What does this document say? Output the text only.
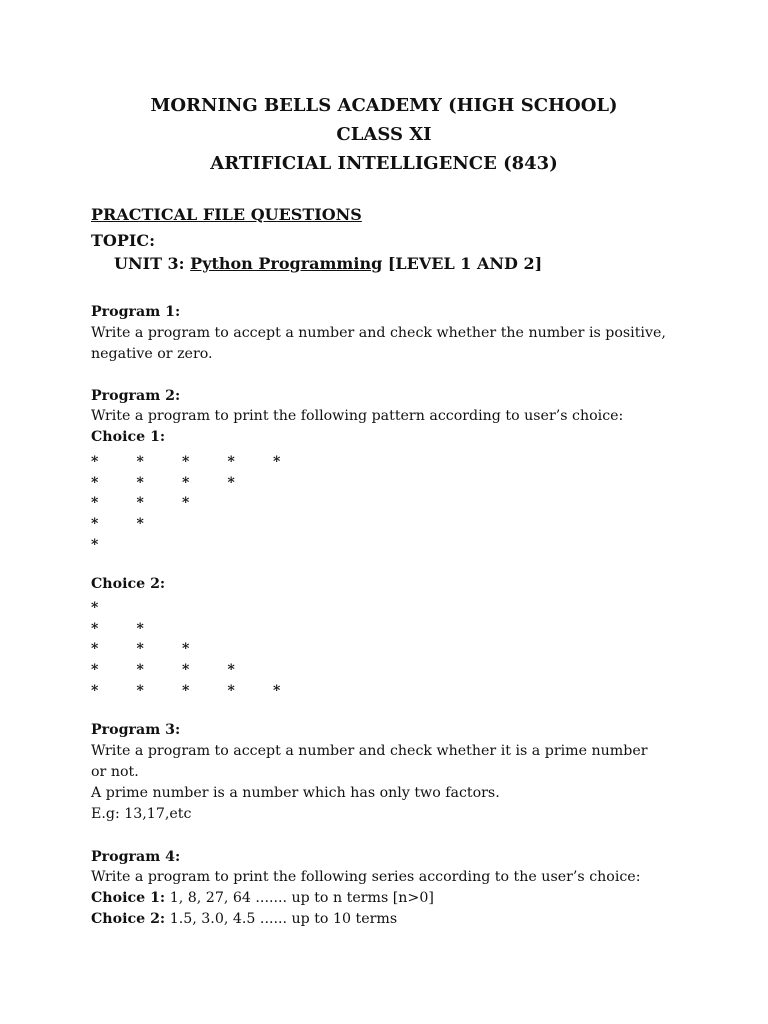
MORNING BELLS ACADEMY (HIGH SCHOOL)
CLASS XI
ARTIFICIAL INTELLIGENCE (843)
PRACTICAL FILE QUESTIONS
TOPIC:
UNIT 3: Python Programming [LEVEL 1 AND 2]
Program 1:
Write a program to accept a number and check whether the number is positive,
negative or zero.
Program 2:
Write a program to print the following pattern according to user’s choice:
Choice 1:
Choice 2:
Program 3:
Write a program to accept a number and check whether it is a prime number
or not.
A prime number is a number which has only two factors.
E.g: 13,17,etc
Program 4:
Write a program to print the following series according to the user’s choice:
Choice 1: 1, 8, 27, 64 ....... up to n terms [n>0]
Choice 2: 1.5, 3.0, 4.5 ...... up to 10 terms
*	*	*	*	*
*	*	*	*
*	*	*
*	*
*
*
*	*
*	*	*
*	*	*	*
*	*	*	*	*
